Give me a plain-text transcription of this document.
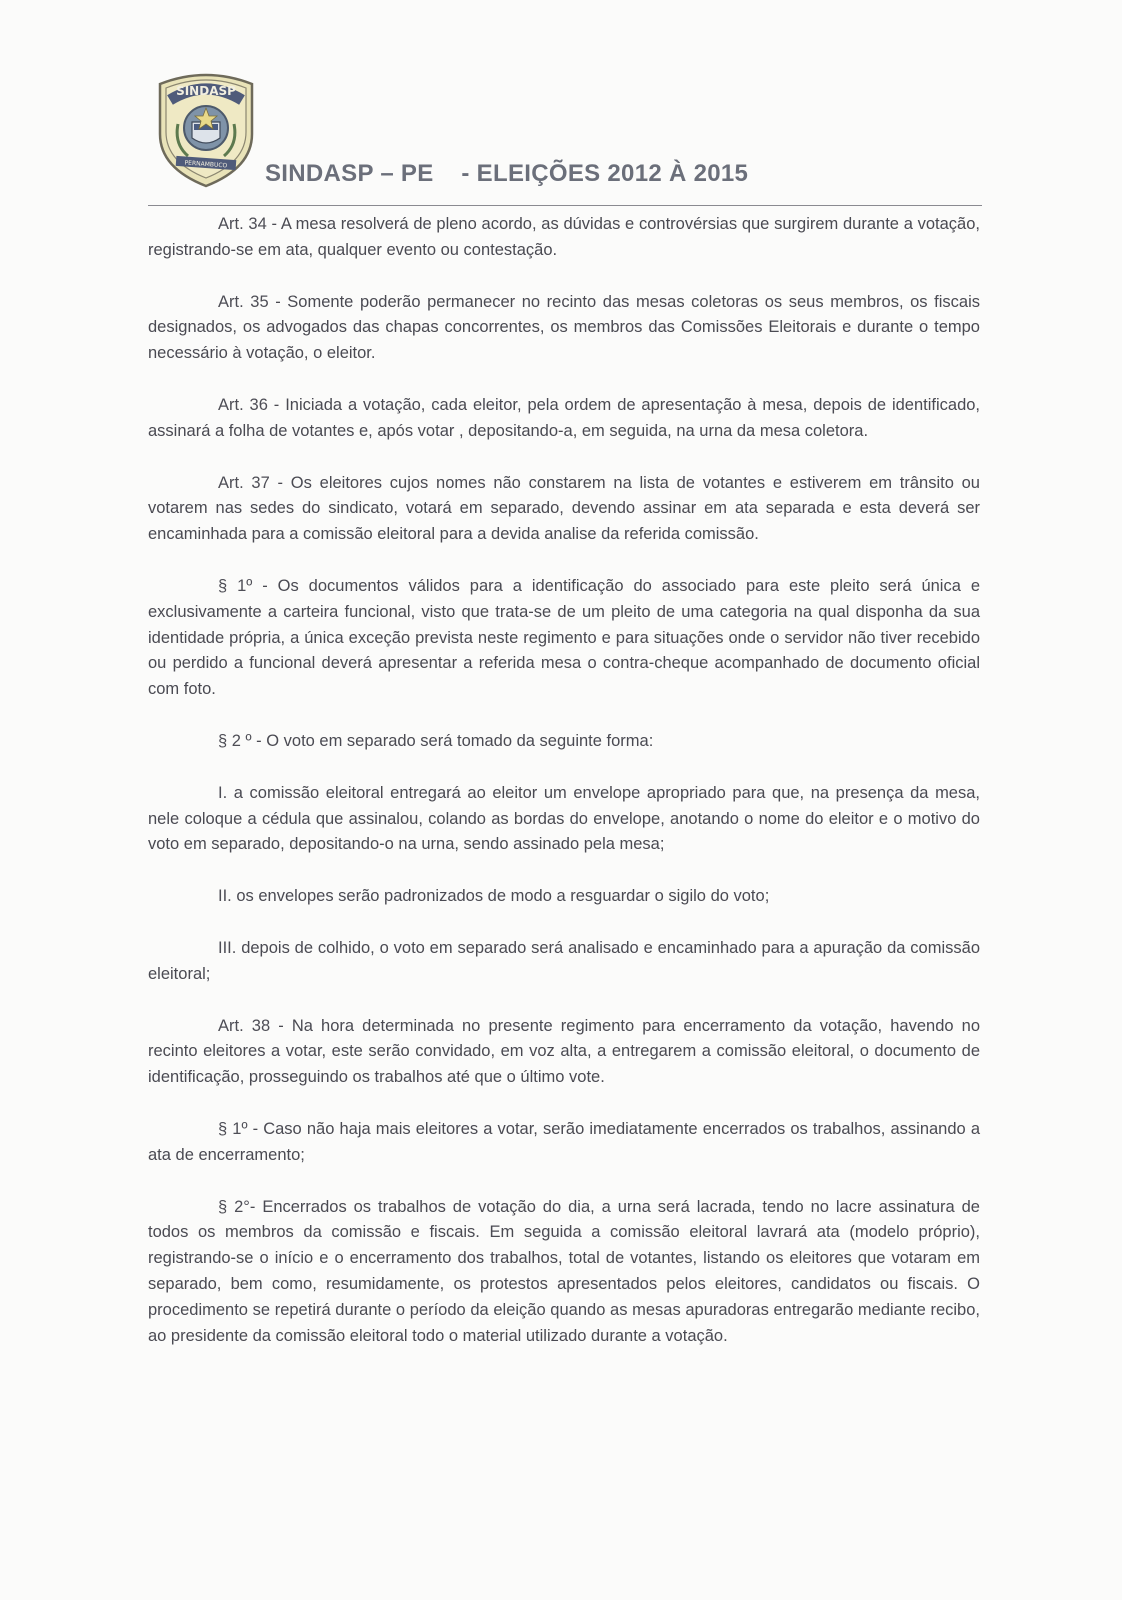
SINDASP
PERNAMBUCO SINDASP – PE    - ELEIÇÕES 2012 À 2015

Art. 34 - A mesa resolverá de pleno acordo, as dúvidas e controvérsias que surgirem durante a votação, registrando-se em ata, qualquer evento ou contestação.

Art. 35 - Somente poderão permanecer no recinto das mesas coletoras os seus membros, os fiscais designados, os advogados das chapas concorrentes, os membros das Comissões Eleitorais e durante o tempo necessário à votação, o eleitor.

Art. 36 - Iniciada a votação, cada eleitor, pela ordem de apresentação à mesa, depois de identificado, assinará a folha de votantes e, após votar , depositando-a, em seguida, na urna da mesa coletora.

Art. 37 - Os eleitores cujos nomes não constarem na lista de votantes e estiverem em trânsito ou votarem nas sedes do sindicato, votará em separado, devendo assinar em ata separada e esta deverá ser encaminhada para a comissão eleitoral para a devida analise da referida comissão.

§ 1º - Os documentos válidos para a identificação do associado para este pleito será única e exclusivamente a carteira funcional, visto que trata-se de um pleito de uma categoria na qual disponha da sua identidade própria, a única exceção prevista neste regimento e para situações onde o servidor não tiver recebido ou perdido a funcional deverá apresentar a referida mesa o contra-cheque acompanhado de documento oficial com foto.

§ 2 º - O voto em separado será tomado da seguinte forma:

I. a comissão eleitoral entregará ao eleitor um envelope apropriado para que, na presença da mesa, nele coloque a cédula que assinalou, colando as bordas do envelope, anotando o nome do eleitor e o motivo do voto em separado, depositando-o na urna, sendo assinado pela mesa;

II. os envelopes serão padronizados de modo a resguardar o sigilo do voto;

III. depois de colhido, o voto em separado será analisado e encaminhado para a apuração da comissão eleitoral;

Art. 38 - Na hora determinada no presente regimento para encerramento da votação, havendo no recinto eleitores a votar, este serão convidado, em voz alta, a entregarem a comissão eleitoral, o documento de identificação, prosseguindo os trabalhos até que o último vote.

§ 1º - Caso não haja mais eleitores a votar, serão imediatamente encerrados os trabalhos, assinando a ata de encerramento;

§ 2°- Encerrados os trabalhos de votação do dia, a urna será lacrada, tendo no lacre assinatura de todos os membros da comissão e fiscais. Em seguida a comissão eleitoral lavrará ata (modelo próprio), registrando-se o início e o encerramento dos trabalhos, total de votantes, listando os eleitores que votaram em separado, bem como, resumidamente, os protestos apresentados pelos eleitores, candidatos ou fiscais. O procedimento se repetirá durante o período da eleição quando as mesas apuradoras entregarão mediante recibo, ao presidente da comissão eleitoral todo o material utilizado durante a votação.
